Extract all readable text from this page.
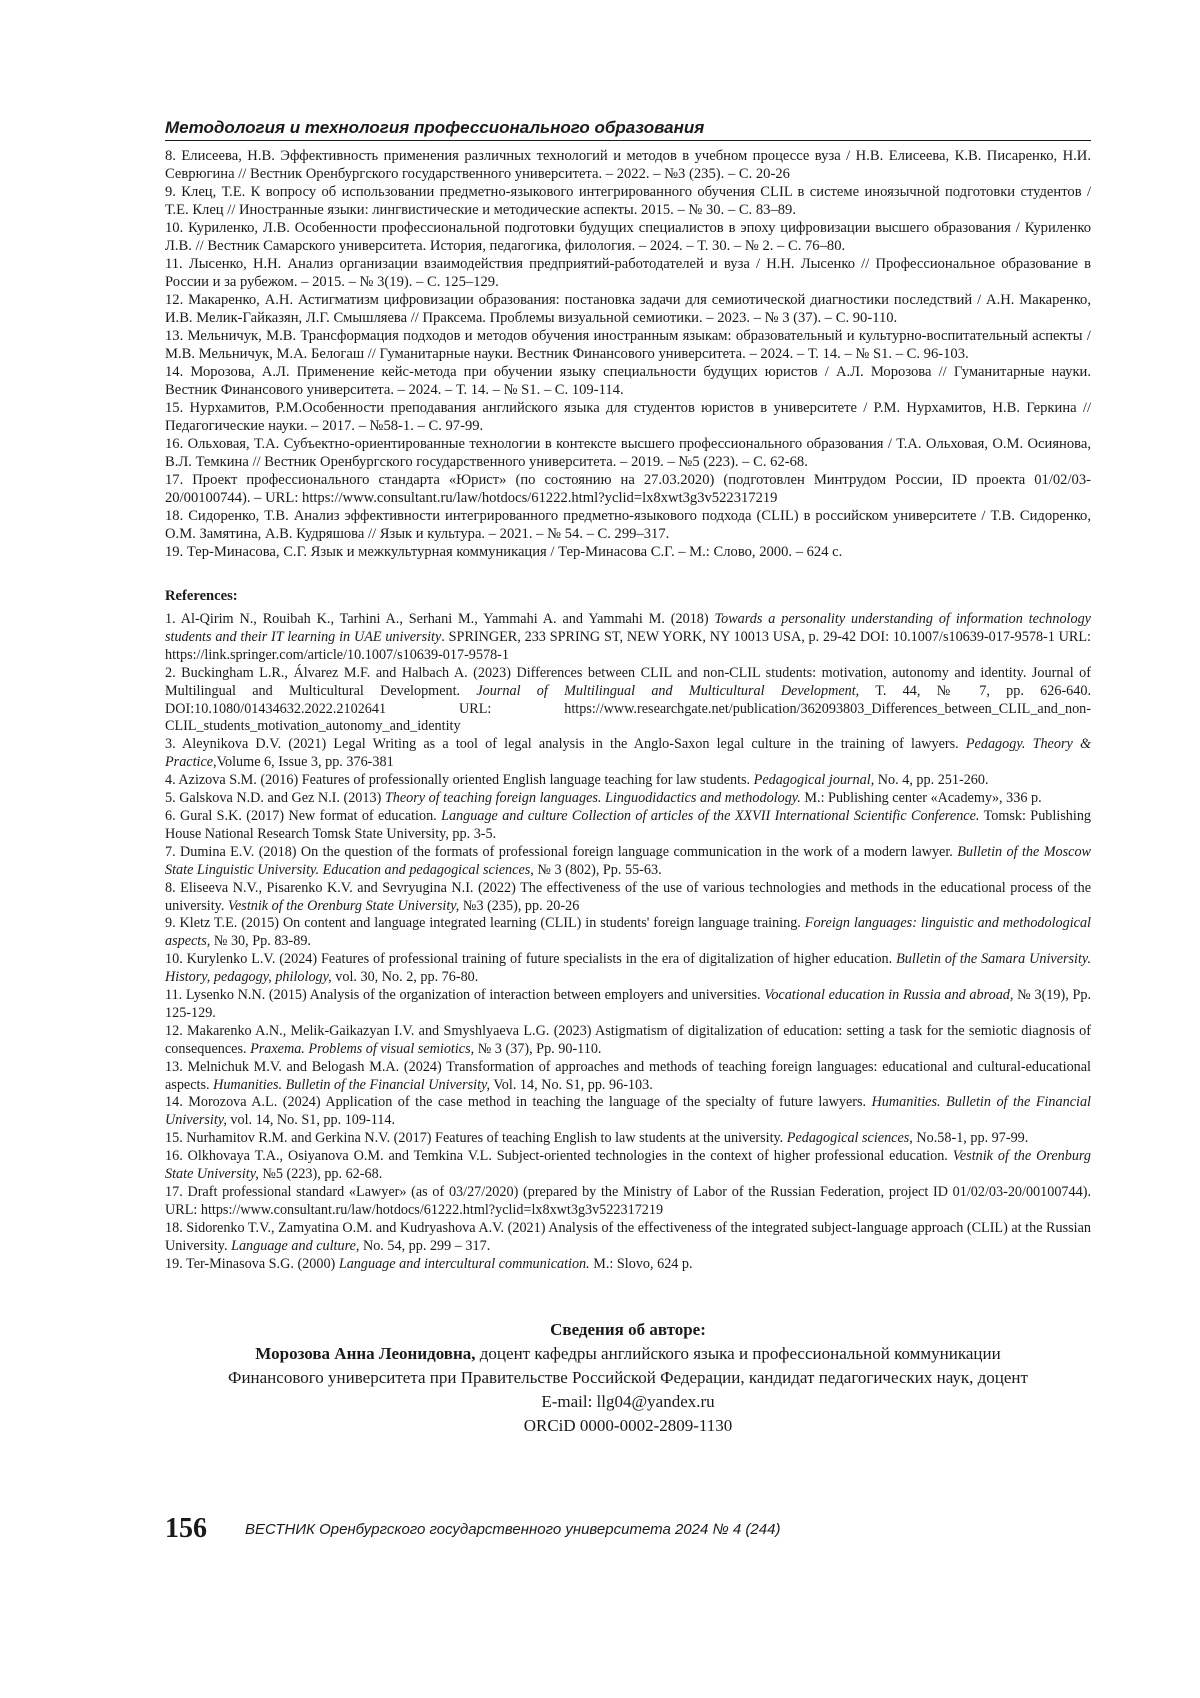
Методология и технология профессионального образования
8. Елисеева, Н.В. Эффективность применения различных технологий и методов в учебном процессе вуза / Н.В. Елисеева, К.В. Писаренко, Н.И. Севрюгина // Вестник Оренбургского государственного университета. – 2022. – №3 (235). – С. 20-26
9. Клец, Т.Е. К вопросу об использовании предметно-языкового интегрированного обучения CLIL в системе иноязычной подготовки студентов / Т.Е. Клец // Иностранные языки: лингвистические и методические аспекты. 2015. – № 30. – С. 83–89.
10. Куриленко, Л.В. Особенности профессиональной подготовки будущих специалистов в эпоху цифровизации высшего образования / Куриленко Л.В. // Вестник Самарского университета. История, педагогика, филология. – 2024. – Т. 30. – № 2. – С. 76–80.
11. Лысенко, Н.Н. Анализ организации взаимодействия предприятий-работодателей и вуза / Н.Н. Лысенко // Профессиональное образование в России и за рубежом. – 2015. – № 3(19). – С. 125–129.
12. Макаренко, А.Н. Астигматизм цифровизации образования: постановка задачи для семиотической диагностики последствий / А.Н. Макаренко, И.В. Мелик-Гайказян, Л.Г. Смышляева // Праксема. Проблемы визуальной семиотики. – 2023. – № 3 (37). – С. 90-110.
13. Мельничук, М.В. Трансформация подходов и методов обучения иностранным языкам: образовательный и культурно-воспитательный аспекты / М.В. Мельничук, М.А. Белогаш // Гуманитарные науки. Вестник Финансового университета. – 2024. – Т. 14. – № S1. – С. 96-103.
14. Морозова, А.Л. Применение кейс-метода при обучении языку специальности будущих юристов / А.Л. Морозова // Гуманитарные науки. Вестник Финансового университета. – 2024. – Т. 14. – № S1. – С. 109-114.
15. Нурхамитов, Р.М.Особенности преподавания английского языка для студентов юристов в университете / Р.М. Нурхамитов, Н.В. Геркина // Педагогические науки. – 2017. – №58-1. – С. 97-99.
16. Ольховая, Т.А. Субъектно-ориентированные технологии в контексте высшего профессионального образования / Т.А. Ольховая, О.М. Осиянова, В.Л. Темкина // Вестник Оренбургского государственного университета. – 2019. – №5 (223). – С. 62-68.
17. Проект профессионального стандарта «Юрист» (по состоянию на 27.03.2020) (подготовлен Минтрудом России, ID проекта 01/02/03-20/00100744). – URL: https://www.consultant.ru/law/hotdocs/61222.html?yclid=lx8xwt3g3v522317219
18. Сидоренко, Т.В. Анализ эффективности интегрированного предметно-языкового подхода (CLIL) в российском университете / Т.В. Сидоренко, О.М. Замятина, А.В. Кудряшова // Язык и культура. – 2021. – № 54. – С. 299–317.
19. Тер-Минасова, С.Г. Язык и межкультурная коммуникация / Тер-Минасова С.Г. – М.: Слово, 2000. – 624 с.
References:
1. Al-Qirim N., Rouibah K., Tarhini A., Serhani M., Yammahi A. and Yammahi M. (2018) Towards a personality understanding of information technology students and their IT learning in UAE university. SPRINGER, 233 SPRING ST, NEW YORK, NY 10013 USA, p. 29-42 DOI: 10.1007/s10639-017-9578-1 URL: https://link.springer.com/article/10.1007/s10639-017-9578-1
2. Buckingham L.R., Álvarez M.F. and Halbach A. (2023) Differences between CLIL and non-CLIL students: motivation, autonomy and identity. Journal of Multilingual and Multicultural Development. Journal of Multilingual and Multicultural Development, T. 44, № 7, pp. 626-640. DOI:10.1080/01434632.2022.2102641 URL: https://www.researchgate.net/publication/362093803_Differences_between_CLIL_and_non-CLIL_students_motivation_autonomy_and_identity
3. Aleynikova D.V. (2021) Legal Writing as a tool of legal analysis in the Anglo-Saxon legal culture in the training of lawyers. Pedagogy. Theory & Practice,Volume 6, Issue 3, pp. 376-381
4. Azizova S.M. (2016) Features of professionally oriented English language teaching for law students. Pedagogical journal, No. 4, pp. 251-260.
5. Galskova N.D. and Gez N.I. (2013) Theory of teaching foreign languages. Linguodidactics and methodology. M.: Publishing center «Academy», 336 p.
6. Gural S.K. (2017) New format of education. Language and culture Collection of articles of the XXVII International Scientific Conference. Tomsk: Publishing House National Research Tomsk State University, pp. 3-5.
7. Dumina E.V. (2018) On the question of the formats of professional foreign language communication in the work of a modern lawyer. Bulletin of the Moscow State Linguistic University. Education and pedagogical sciences, № 3 (802), Pp. 55-63.
8. Eliseeva N.V., Pisarenko K.V. and Sevryugina N.I. (2022) The effectiveness of the use of various technologies and methods in the educational process of the university. Vestnik of the Orenburg State University, №3 (235), pp. 20-26
9. Kletz T.E. (2015) On content and language integrated learning (CLIL) in students' foreign language training. Foreign languages: linguistic and methodological aspects, № 30, Pp. 83-89.
10. Kurylenko L.V. (2024) Features of professional training of future specialists in the era of digitalization of higher education. Bulletin of the Samara University. History, pedagogy, philology, vol. 30, No. 2, pp. 76-80.
11. Lysenko N.N. (2015) Analysis of the organization of interaction between employers and universities. Vocational education in Russia and abroad, № 3(19), Pp. 125-129.
12. Makarenko A.N., Melik-Gaikazyan I.V. and Smyshlyaeva L.G. (2023) Astigmatism of digitalization of education: setting a task for the semiotic diagnosis of consequences. Praxema. Problems of visual semiotics, № 3 (37), Pp. 90-110.
13. Melnichuk M.V. and Belogash M.A. (2024) Transformation of approaches and methods of teaching foreign languages: educational and cultural-educational aspects. Humanities. Bulletin of the Financial University, Vol. 14, No. S1, pp. 96-103.
14. Morozova A.L. (2024) Application of the case method in teaching the language of the specialty of future lawyers. Humanities. Bulletin of the Financial University, vol. 14, No. S1, pp. 109-114.
15. Nurhamitov R.M. and Gerkina N.V. (2017) Features of teaching English to law students at the university. Pedagogical sciences, No.58-1, pp. 97-99.
16. Olkhovaya T.A., Osiyanova O.M. and Temkina V.L. Subject-oriented technologies in the context of higher professional education. Vestnik of the Orenburg State University, №5 (223), pp. 62-68.
17. Draft professional standard «Lawyer» (as of 03/27/2020) (prepared by the Ministry of Labor of the Russian Federation, project ID 01/02/03-20/00100744). URL: https://www.consultant.ru/law/hotdocs/61222.html?yclid=lx8xwt3g3v522317219
18. Sidorenko T.V., Zamyatina O.M. and Kudryashova A.V. (2021) Analysis of the effectiveness of the integrated subject-language approach (CLIL) at the Russian University. Language and culture, No. 54, pp. 299 – 317.
19. Ter-Minasova S.G. (2000) Language and intercultural communication. M.: Slovo, 624 p.
Сведения об авторе:
Морозова Анна Леонидовна, доцент кафедры английского языка и профессиональной коммуникации
Финансового университета при Правительстве Российской Федерации, кандидат педагогических наук, доцент
E-mail: llg04@yandex.ru
ORCiD 0000-0002-2809-1130
156	ВЕСТНИК Оренбургского государственного университета 2024 № 4 (244)
